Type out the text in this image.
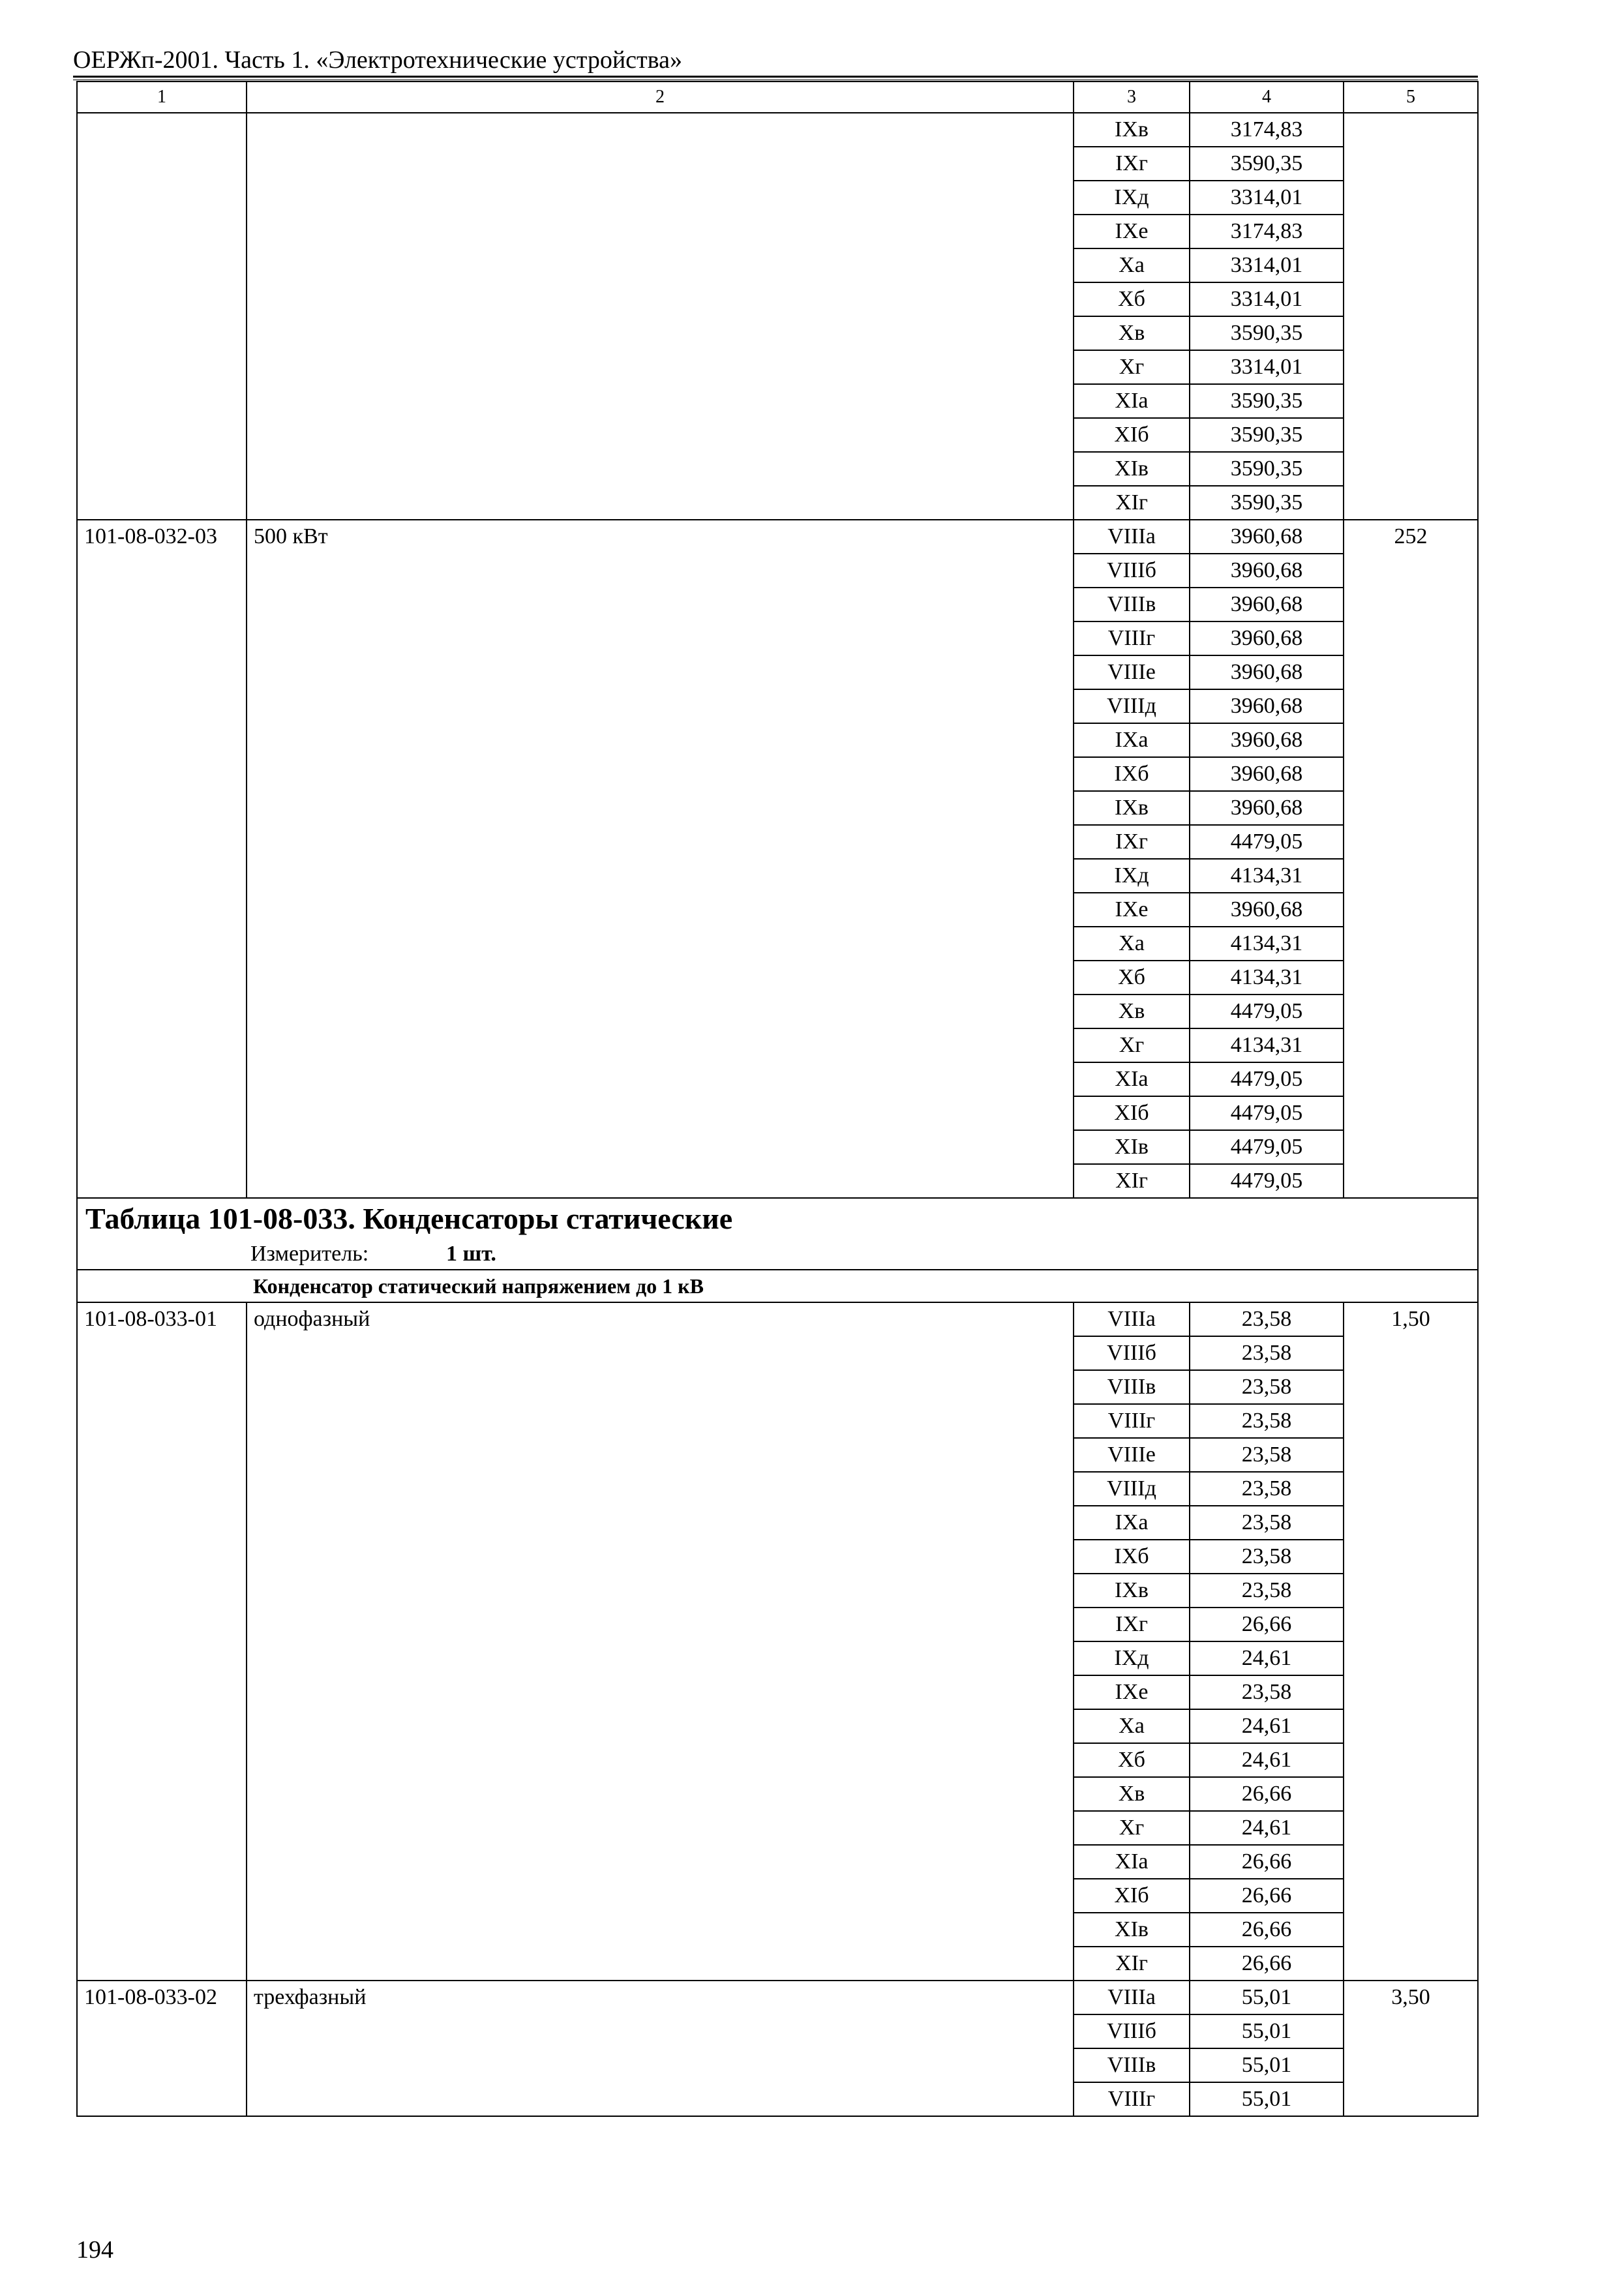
ОЕРЖп-2001. Часть 1. «Электротехнические устройства»
1	2	3	4	5
		IXв	3174,83	
		IXг	3590,35	
		IXд	3314,01	
		IXе	3174,83	
		Xа	3314,01	
		Xб	3314,01	
		Xв	3590,35	
		Xг	3314,01	
		XIа	3590,35	
		XIб	3590,35	
		XIв	3590,35	
		XIг	3590,35	
101-08-032-03	500 кВт	VIIIа	3960,68	252
		VIIIб	3960,68	
		VIIIв	3960,68	
		VIIIг	3960,68	
		VIIIе	3960,68	
		VIIIд	3960,68	
		IXа	3960,68	
		IXб	3960,68	
		IXв	3960,68	
		IXг	4479,05	
		IXд	4134,31	
		IXе	3960,68	
		Xа	4134,31	
		Xб	4134,31	
		Xв	4479,05	
		Xг	4134,31	
		XIа	4479,05	
		XIб	4479,05	
		XIв	4479,05	
		XIг	4479,05	

Таблица 101-08-033. Конденсаторы статические
Измеритель: 1 шт.				

	Конденсатор статический напряжением до 1 кВ			
101-08-033-01	однофазный	VIIIа	23,58	1,50
		VIIIб	23,58	
		VIIIв	23,58	
		VIIIг	23,58	
		VIIIе	23,58	
		VIIIд	23,58	
		IXа	23,58	
		IXб	23,58	
		IXв	23,58	
		IXг	26,66	
		IXд	24,61	
		IXе	23,58	
		Xа	24,61	
		Xб	24,61	
		Xв	26,66	
		Xг	24,61	
		XIа	26,66	
		XIб	26,66	
		XIв	26,66	
		XIг	26,66	
101-08-033-02	трехфазный	VIIIа	55,01	3,50
		VIIIб	55,01	
		VIIIв	55,01	
		VIIIг	55,01	
194
